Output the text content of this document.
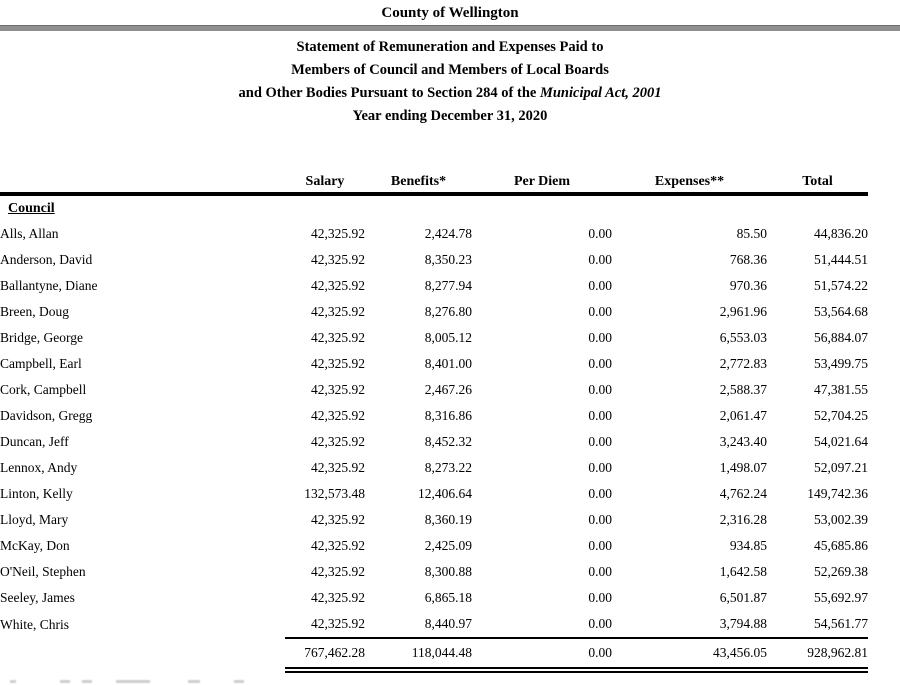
County of Wellington
Statement of Remuneration and Expenses Paid to
Members of Council and Members of Local Boards
and Other Bodies Pursuant to Section 284 of the Municipal Act, 2001
Year ending December 31, 2020
	Salary	Benefits*	Per Diem	Expenses**	Total
Council					
Alls, Allan	42,325.92	2,424.78	0.00	85.50	44,836.20
Anderson, David	42,325.92	8,350.23	0.00	768.36	51,444.51
Ballantyne, Diane	42,325.92	8,277.94	0.00	970.36	51,574.22
Breen, Doug	42,325.92	8,276.80	0.00	2,961.96	53,564.68
Bridge, George	42,325.92	8,005.12	0.00	6,553.03	56,884.07
Campbell, Earl	42,325.92	8,401.00	0.00	2,772.83	53,499.75
Cork, Campbell	42,325.92	2,467.26	0.00	2,588.37	47,381.55
Davidson, Gregg	42,325.92	8,316.86	0.00	2,061.47	52,704.25
Duncan, Jeff	42,325.92	8,452.32	0.00	3,243.40	54,021.64
Lennox, Andy	42,325.92	8,273.22	0.00	1,498.07	52,097.21
Linton, Kelly	132,573.48	12,406.64	0.00	4,762.24	149,742.36
Lloyd, Mary	42,325.92	8,360.19	0.00	2,316.28	53,002.39
McKay, Don	42,325.92	2,425.09	0.00	934.85	45,685.86
O'Neil, Stephen	42,325.92	8,300.88	0.00	1,642.58	52,269.38
Seeley, James	42,325.92	6,865.18	0.00	6,501.87	55,692.97
White, Chris	42,325.92	8,440.97	0.00	3,794.88	54,561.77
	767,462.28	118,044.48	0.00	43,456.05	928,962.81
